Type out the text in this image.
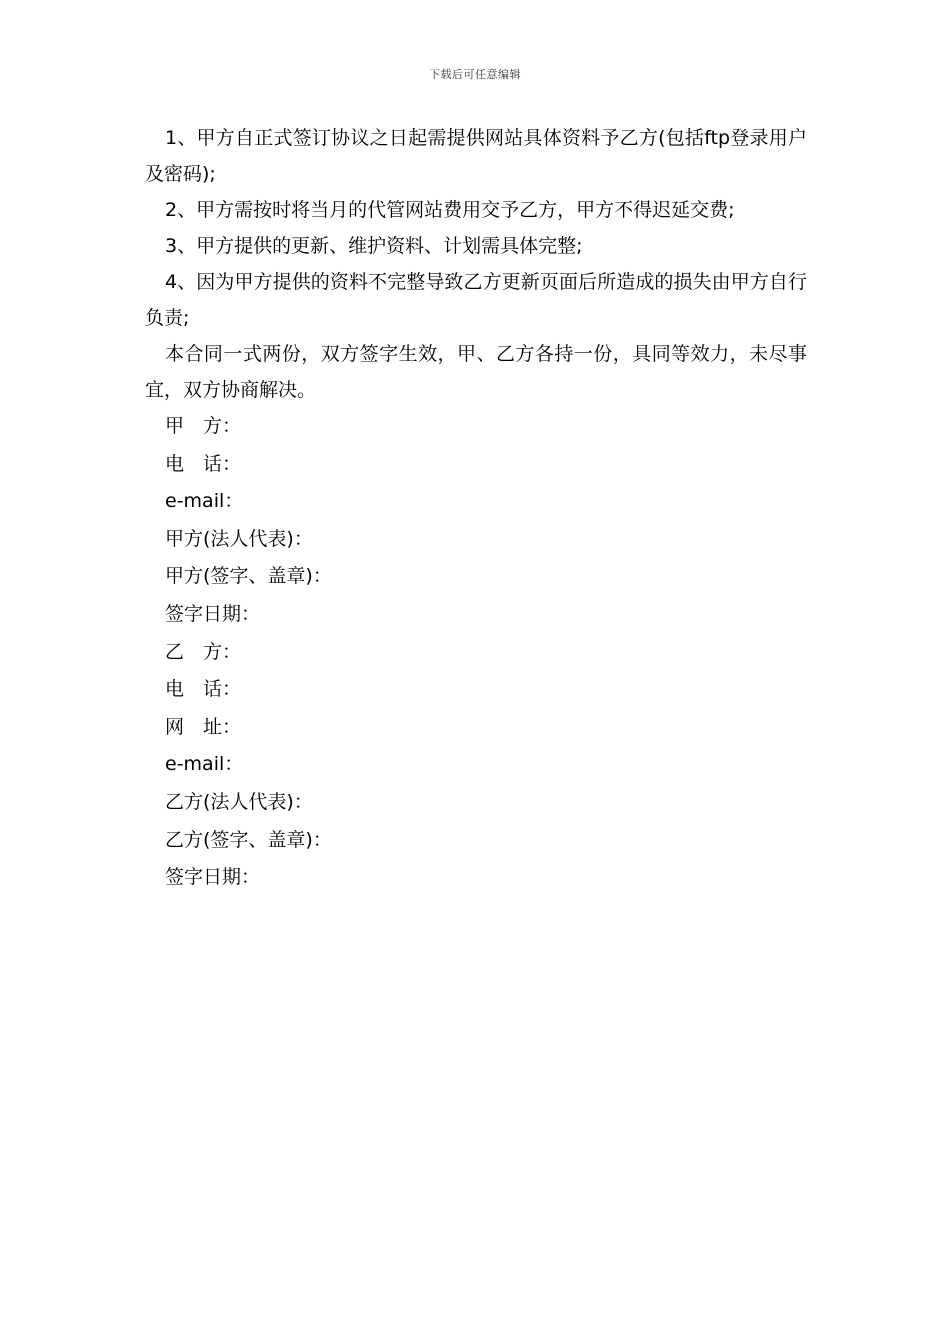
下载后可任意编辑

1、甲方自正式签订协议之日起需提供网站具体资料予乙方(包括ftp登录用户及密码);

2、甲方需按时将当月的代管网站费用交予乙方，甲方不得迟延交费;

3、甲方提供的更新、维护资料、计划需具体完整;

4、因为甲方提供的资料不完整导致乙方更新页面后所造成的损失由甲方自行负责;

本合同一式两份，双方签字生效，甲、乙方各持一份，具同等效力，未尽事宜，双方协商解决。

甲　方：

电　话：

e-mail：

甲方(法人代表)：

甲方(签字、盖章)：

签字日期：

乙　方：

电　话：

网　址：

e-mail：

乙方(法人代表)：

乙方(签字、盖章)：

签字日期：
